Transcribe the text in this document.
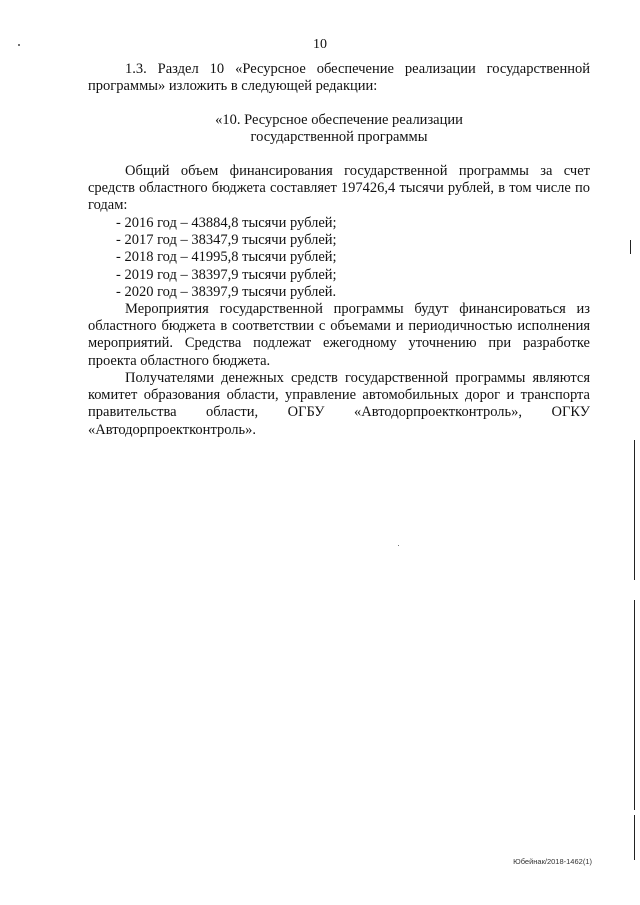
10

1.3. Раздел 10 «Ресурсное обеспечение реализации государственной программы» изложить в следующей редакции:

«10. Ресурсное обеспечение реализации
государственной программы

Общий объем финансирования государственной программы за счет средств областного бюджета составляет 197426,4 тысячи рублей, в том числе по годам:

- 2016 год – 43884,8 тысячи рублей;
- 2017 год – 38347,9 тысячи рублей;
- 2018 год – 41995,8 тысячи рублей;
- 2019 год – 38397,9 тысячи рублей;
- 2020 год – 38397,9 тысячи рублей.

Мероприятия государственной программы будут финансироваться из областного бюджета в соответствии с объемами и периодичностью исполнения мероприятий. Средства подлежат ежегодному уточнению при разработке проекта областного бюджета.

Получателями денежных средств государственной программы являются комитет образования области, управление автомобильных дорог и транспорта правительства области, ОГБУ «Автодорпроектконтроль», ОГКУ «Автодорпроектконтроль».

Юбейнак/2018-1462(1)
